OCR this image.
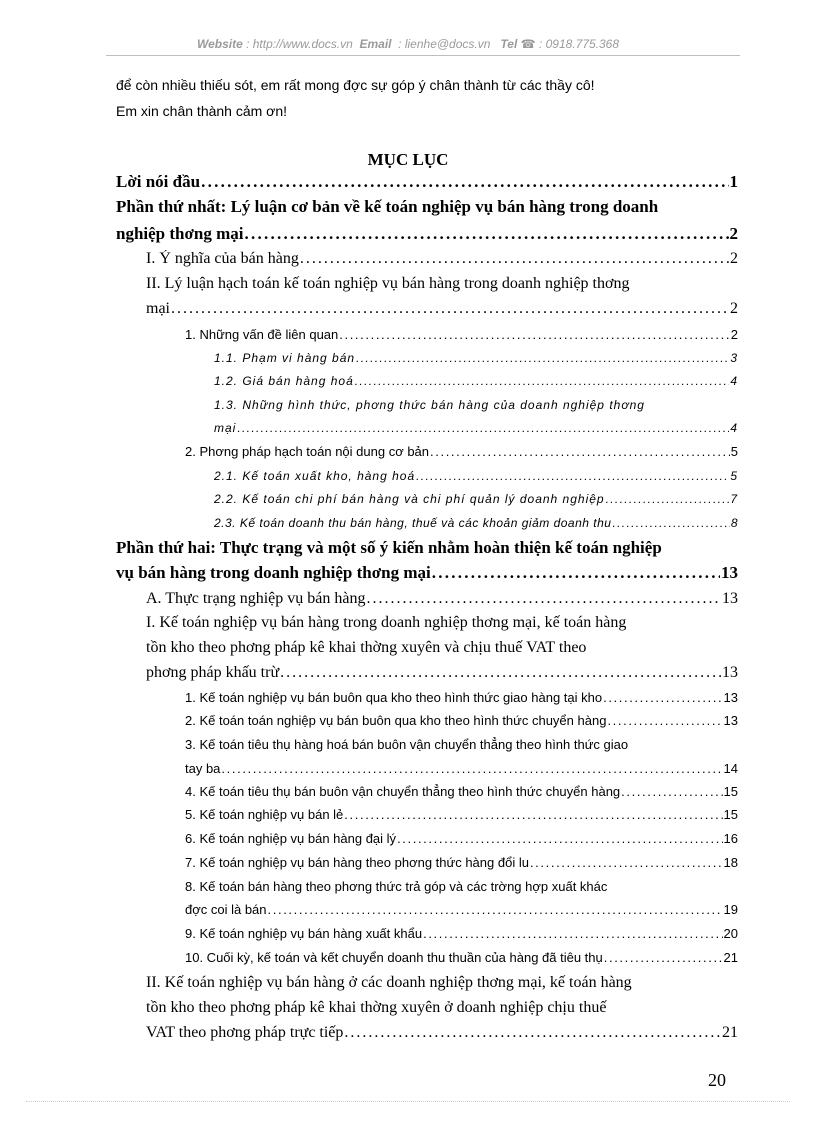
Website : http://www.docs.vn Email : lienhe@docs.vn Tel ☎ : 0918.775.368
để còn nhiều thiếu sót, em rất mong đợc sự góp ý chân thành từ các thầy cô!
Em xin chân thành cảm ơn!
MỤC LỤC
Lời nói đầu . . .	1
Phần thứ nhất: Lý luận cơ bản về kế toán nghiệp vụ bán hàng trong doanh
nghiệp thơng mại . . .	2
I. Ý nghĩa của bán hàng . . .	2
II. Lý luận hạch toán kế toán nghiệp vụ bán hàng trong doanh nghiệp thơng
mại . . .	2
1. Những vấn đề liên quan . . .	2
1.1. Phạm vi hàng bán . . .	3
1.2. Giá bán hàng hoá . . .	4
1.3. Những hình thức, phơng thức bán hàng của doanh nghiệp thơng
mại . . .	4
2. Phơng pháp hạch toán nội dung cơ bản . . .	5
2.1. Kế toán xuất kho, hàng hoá . . .	5
2.2. Kế toán chi phí bán hàng và chi phí quản lý doanh nghiệp . . .	7
2.3. Kế toán doanh thu bán hàng, thuế và các khoản giảm doanh thu . . .	8
Phần thứ hai: Thực trạng và một số ý kiến nhằm hoàn thiện kế toán nghiệp
vụ bán hàng trong doanh nghiệp thơng mại . . .	13
A. Thực trạng nghiệp vụ bán hàng . . .	13
I. Kế toán nghiệp vụ bán hàng trong doanh nghiệp thơng mại, kế toán hàng
tồn kho theo phơng pháp kê khai thờng xuyên và chịu thuế VAT theo
phơng pháp khấu trừ . . .	13
1. Kế toán nghiệp vụ bán buôn qua kho theo hình thức giao hàng tại kho . . .	13
2. Kế toán toán nghiệp vụ bán buôn qua kho theo hình thức chuyển hàng . . .	13
3. Kế toán tiêu thụ hàng hoá bán buôn vận chuyển thẳng theo hình thức giao
tay ba . . .	14
4. Kế toán tiêu thụ bán buôn vận chuyển thẳng theo hình thức chuyển hàng . . .	15
5. Kế toán nghiệp vụ bán lẻ . . .	15
6. Kế toán nghiệp vụ bán hàng đại lý . . .	16
7. Kế toán nghiệp vụ bán hàng theo phơng thức hàng đổi lu . . .	18
8. Kế toán bán hàng theo phơng thức trả góp và các trờng hợp xuất khác
đợc coi là bán . . .	19
9. Kế toán nghiệp vụ bán hàng xuất khẩu . . .	20
10. Cuối kỳ, kế toán và kết chuyển doanh thu thuần của hàng đã tiêu thụ . . .	21
II. Kế toán nghiệp vụ bán hàng ở các doanh nghiệp thơng mại, kế toán hàng
tồn kho theo phơng pháp kê khai thờng xuyên ở doanh nghiệp chịu thuế
VAT theo phơng pháp trực tiếp . . .	21
20
